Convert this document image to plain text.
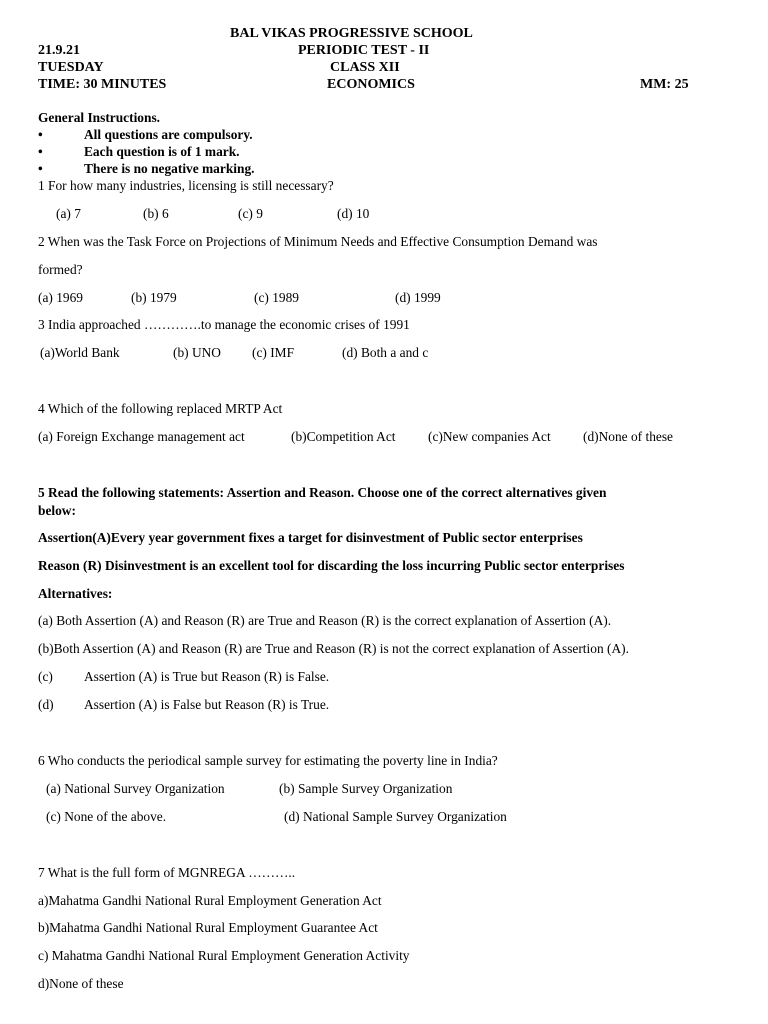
BAL VIKAS PROGRESSIVE SCHOOL
21.9.21	PERIODIC TEST - II
TUESDAY	CLASS XII
TIME: 30 MINUTES	ECONOMICS	MM: 25
General Instructions.
•	All questions are compulsory.
•	Each question is of 1 mark.
•	There is no negative marking.
1 For how many industries, licensing is still necessary?
(a) 7	(b) 6	(c) 9	(d) 10
2 When was the Task Force on Projections of Minimum Needs and Effective Consumption Demand was
formed?
(a) 1969	(b) 1979	(c) 1989	(d) 1999
3 India approached ………….to manage the economic crises of 1991
(a)World Bank	(b) UNO (c) IMF	(d) Both a and c
4 Which of the following replaced MRTP Act
(a) Foreign Exchange management act	(b)Competition Act (c)New companies Act (d)None of these
5 Read the following statements: Assertion and Reason. Choose one of the correct alternatives given
below:
Assertion(A)Every year government fixes a target for disinvestment of Public sector enterprises
Reason (R) Disinvestment is an excellent tool for discarding the loss incurring Public sector enterprises
Alternatives:
(a) Both Assertion (A) and Reason (R) are True and Reason (R) is the correct explanation of Assertion (A).
(b)Both Assertion (A) and Reason (R) are True and Reason (R) is not the correct explanation of Assertion (A).
(c) Assertion (A) is True but Reason (R) is False.
(d) Assertion (A) is False but Reason (R) is True.
6 Who conducts the periodical sample survey for estimating the poverty line in India?
(a) National Survey Organization	(b) Sample Survey Organization
(c) None of the above.	(d) National Sample Survey Organization
7 What is the full form of MGNREGA ………..
a)Mahatma Gandhi National Rural Employment Generation Act
b)Mahatma Gandhi National Rural Employment Guarantee Act
c) Mahatma Gandhi National Rural Employment Generation Activity
d)None of these
